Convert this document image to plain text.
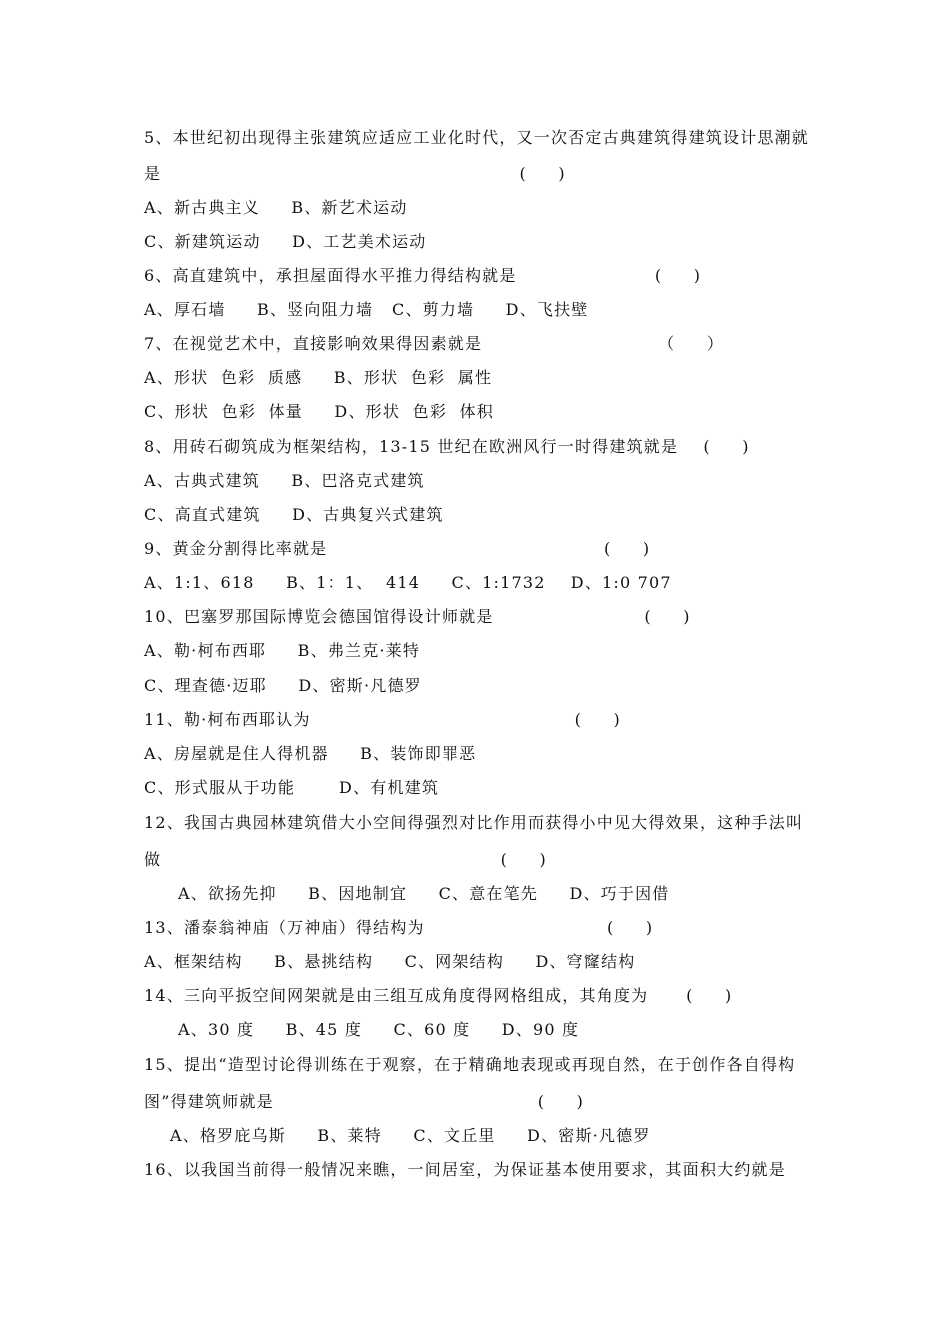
5、本世纪初出现得主张建筑应适应工业化时代，又一次否定古典建筑得建筑设计思潮就
是                                                         (     )
A、新古典主义     B、新艺术运动
C、新建筑运动     D、工艺美术运动
6、高直建筑中，承担屋面得水平推力得结构就是                      (     )
A、厚石墙     B、竖向阻力墙   C、剪力墙     D、飞扶壁
7、在视觉艺术中，直接影响效果得因素就是                            （     ）
A、形状  色彩  质感     B、形状  色彩  属性
C、形状  色彩  体量     D、形状  色彩  体积
8、用砖石砌筑成为框架结构，13-15 世纪在欧洲风行一时得建筑就是    (     )
A、古典式建筑     B、巴洛克式建筑
C、高直式建筑     D、古典复兴式建筑
9、黄金分割得比率就是                                            (     )
A、1:1、618     B、1：1、  414     C、1:1732    D、1:0 707
10、巴塞罗那国际博览会德国馆得设计师就是                        (     )
A、勒·柯布西耶     B、弗兰克·莱特
C、理查德·迈耶     D、密斯·凡德罗
11、勒·柯布西耶认为                                          (     )
A、房屋就是住人得机器     B、装饰即罪恶
C、形式服从于功能       D、有机建筑
12、我国古典园林建筑借大小空间得强烈对比作用而获得小中见大得效果，这种手法叫
做                                                      (     )
A、欲扬先抑     B、因地制宜     C、意在笔先     D、巧于因借
13、潘泰翁神庙（万神庙）得结构为                             (     )
A、框架结构     B、悬挑结构     C、网架结构     D、穹窿结构
14、三向平扳空间网架就是由三组互成角度得网格组成，其角度为      (     )
A、30 度     B、45 度     C、60 度     D、90 度
15、提出“造型讨论得训练在于观察，在于精确地表现或再现自然，在于创作各自得构
图”得建筑师就是                                          (     )
A、格罗庇乌斯     B、莱特     C、文丘里     D、密斯·凡德罗
16、以我国当前得一般情况来瞧，一间居室，为保证基本使用要求，其面积大约就是
